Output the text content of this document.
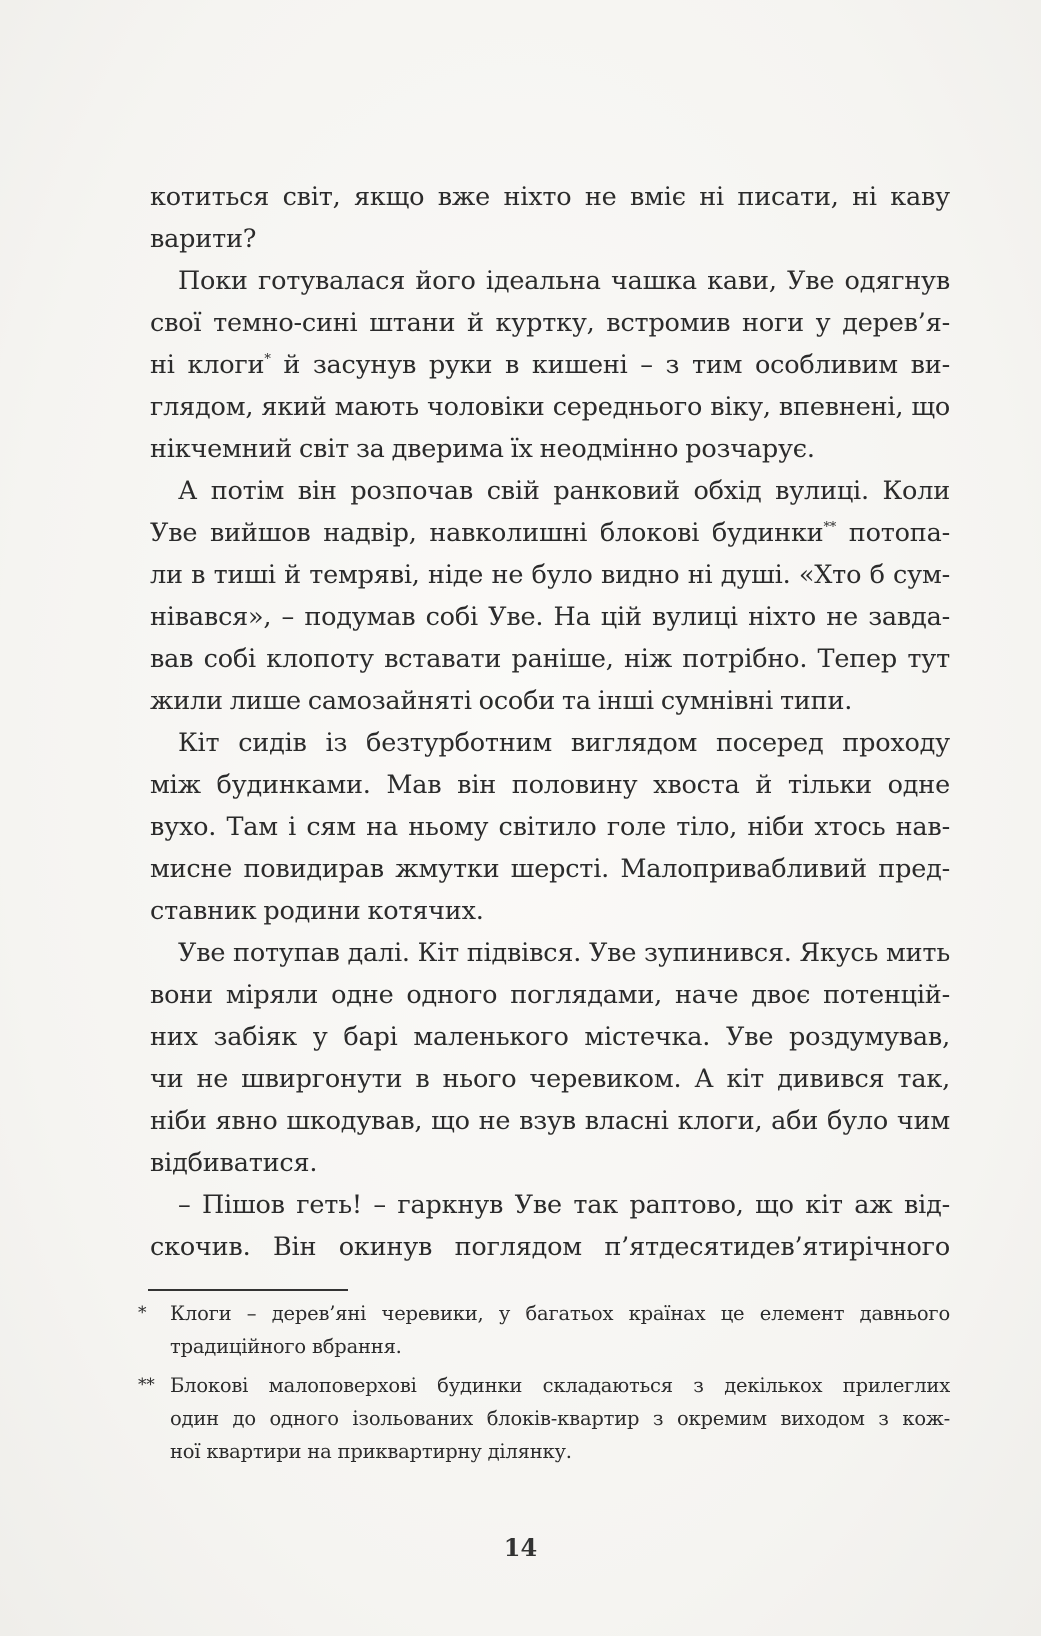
котиться світ, якщо вже ніхто не вміє ні писати, ні каву
варити?
Поки готувалася його ідеальна чашка кави, Уве одягнув
свої темно-сині штани й куртку, встромив ноги у дерев’я-
ні клоги* й засунув руки в кишені – з тим особливим ви-
глядом, який мають чоловіки середнього віку, впевнені, що
нікчемний світ за дверима їх неодмінно розчарує.
А потім він розпочав свій ранковий обхід вулиці. Коли
Уве вийшов надвір, навколишні блокові будинки** потопа-
ли в тиші й темряві, ніде не було видно ні душі. «Хто б сум-
нівався», – подумав собі Уве. На цій вулиці ніхто не завда-
вав собі клопоту вставати раніше, ніж потрібно. Тепер тут
жили лише самозайняті особи та інші сумнівні типи.
Кіт сидів із безтурботним виглядом посеред проходу
між будинками. Мав він половину хвоста й тільки одне
вухо. Там і сям на ньому світило голе тіло, ніби хтось нав-
мисне повидирав жмутки шерсті. Малопривабливий пред-
ставник родини котячих.
Уве потупав далі. Кіт підвівся. Уве зупинився. Якусь мить
вони міряли одне одного поглядами, наче двоє потенцій-
них забіяк у барі маленького містечка. Уве роздумував,
чи не швиргонути в нього черевиком. А кіт дивився так,
ніби явно шкодував, що не взув власні клоги, аби було чим
відбиватися.
– Пішов геть! – гаркнув Уве так раптово, що кіт аж від-
скочив. Він окинув поглядом п’ятдесятидев’ятирічного
* Клоги – дерев’яні черевики, у багатьох країнах це елемент давнього
традиційного вбрання.
** Блокові малоповерхові будинки складаються з декількох прилеглих
один до одного ізольованих блоків-квартир з окремим виходом з кож-
ної квартири на приквартирну ділянку.
14
